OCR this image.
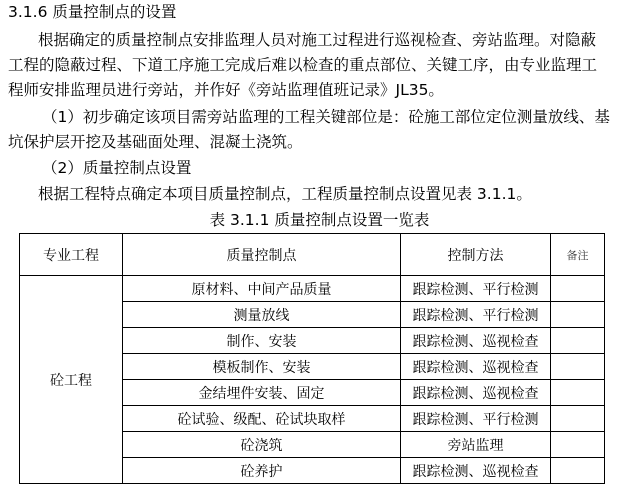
3.1.6 质量控制点的设置
根据确定的质量控制点安排监理人员对施工过程进行巡视检查、旁站监理。对隐蔽
工程的隐蔽过程、下道工序施工完成后难以检查的重点部位、关键工序，由专业监理工
程师安排监理员进行旁站，并作好《旁站监理值班记录》JL35。
（1）初步确定该项目需旁站监理的工程关键部位是：砼施工部位定位测量放线、基
坑保护层开挖及基础面处理、混凝土浇筑。
（2）质量控制点设置
根据工程特点确定本项目质量控制点，工程质量控制点设置见表 3.1.1。
表 3.1.1 质量控制点设置一览表
专业工程	质量控制点	控制方法	备注
砼工程	原材料、中间产品质量	跟踪检测、平行检测	
	测量放线	跟踪检测、平行检测	
	制作、安装	跟踪检测、巡视检查	
	模板制作、安装	跟踪检测、巡视检查	
	金结埋件安装、固定	跟踪检测、巡视检查	
	砼试验、级配、砼试块取样	跟踪检测、平行检测	
	砼浇筑	旁站监理	
	砼养护	跟踪检测、巡视检查	
